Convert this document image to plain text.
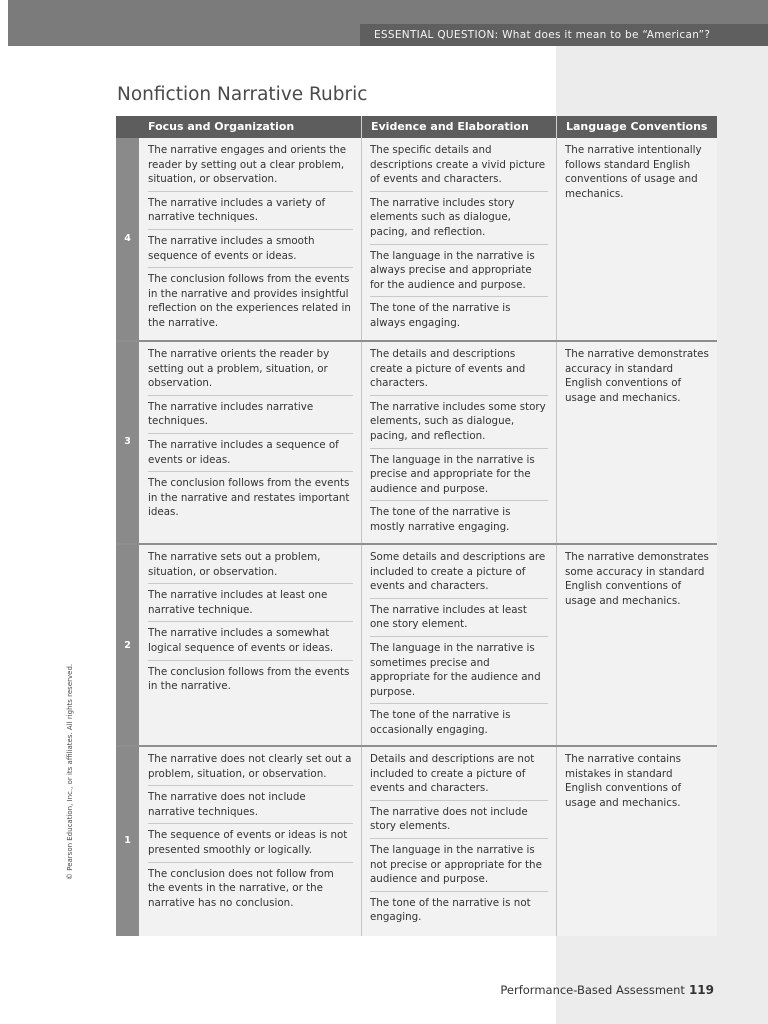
ESSENTIAL QUESTION: What does it mean to be “American”?
Nonfiction Narrative Rubric
Focus and Organization	Evidence and Elaboration	Language Conventions
4
The narrative engages and orients the reader by setting out a clear problem, situation, or observation.
The narrative includes a variety of narrative techniques.
The narrative includes a smooth sequence of events or ideas.
The conclusion follows from the events in the narrative and provides insightful reflection on the experiences related in the narrative.
The specific details and descriptions create a vivid picture of events and characters.
The narrative includes story elements such as dialogue, pacing, and reflection.
The language in the narrative is always precise and appropriate for the audience and purpose.
The tone of the narrative is always engaging.
The narrative intentionally follows standard English conventions of usage and mechanics.
3
The narrative orients the reader by setting out a problem, situation, or observation.
The narrative includes narrative techniques.
The narrative includes a sequence of events or ideas.
The conclusion follows from the events in the narrative and restates important ideas.
The details and descriptions create a picture of events and characters.
The narrative includes some story elements, such as dialogue, pacing, and reflection.
The language in the narrative is precise and appropriate for the audience and purpose.
The tone of the narrative is mostly narrative engaging.
The narrative demonstrates accuracy in standard English conventions of usage and mechanics.
2
The narrative sets out a problem, situation, or observation.
The narrative includes at least one narrative technique.
The narrative includes a somewhat logical sequence of events or ideas.
The conclusion follows from the events in the narrative.
Some details and descriptions are included to create a picture of events and characters.
The narrative includes at least one story element.
The language in the narrative is sometimes precise and appropriate for the audience and purpose.
The tone of the narrative is occasionally engaging.
The narrative demonstrates some accuracy in standard English conventions of usage and mechanics.
1
The narrative does not clearly set out a problem, situation, or observation.
The narrative does not include narrative techniques.
The sequence of events or ideas is not presented smoothly or logically.
The conclusion does not follow from the events in the narrative, or the narrative has no conclusion.
Details and descriptions are not included to create a picture of events and characters.
The narrative does not include story elements.
The language in the narrative is not precise or appropriate for the audience and purpose.
The tone of the narrative is not engaging.
The narrative contains mistakes in standard English conventions of usage and mechanics.
© Pearson Education, Inc., or its affiliates. All rights reserved.
Performance-Based Assessment 119
